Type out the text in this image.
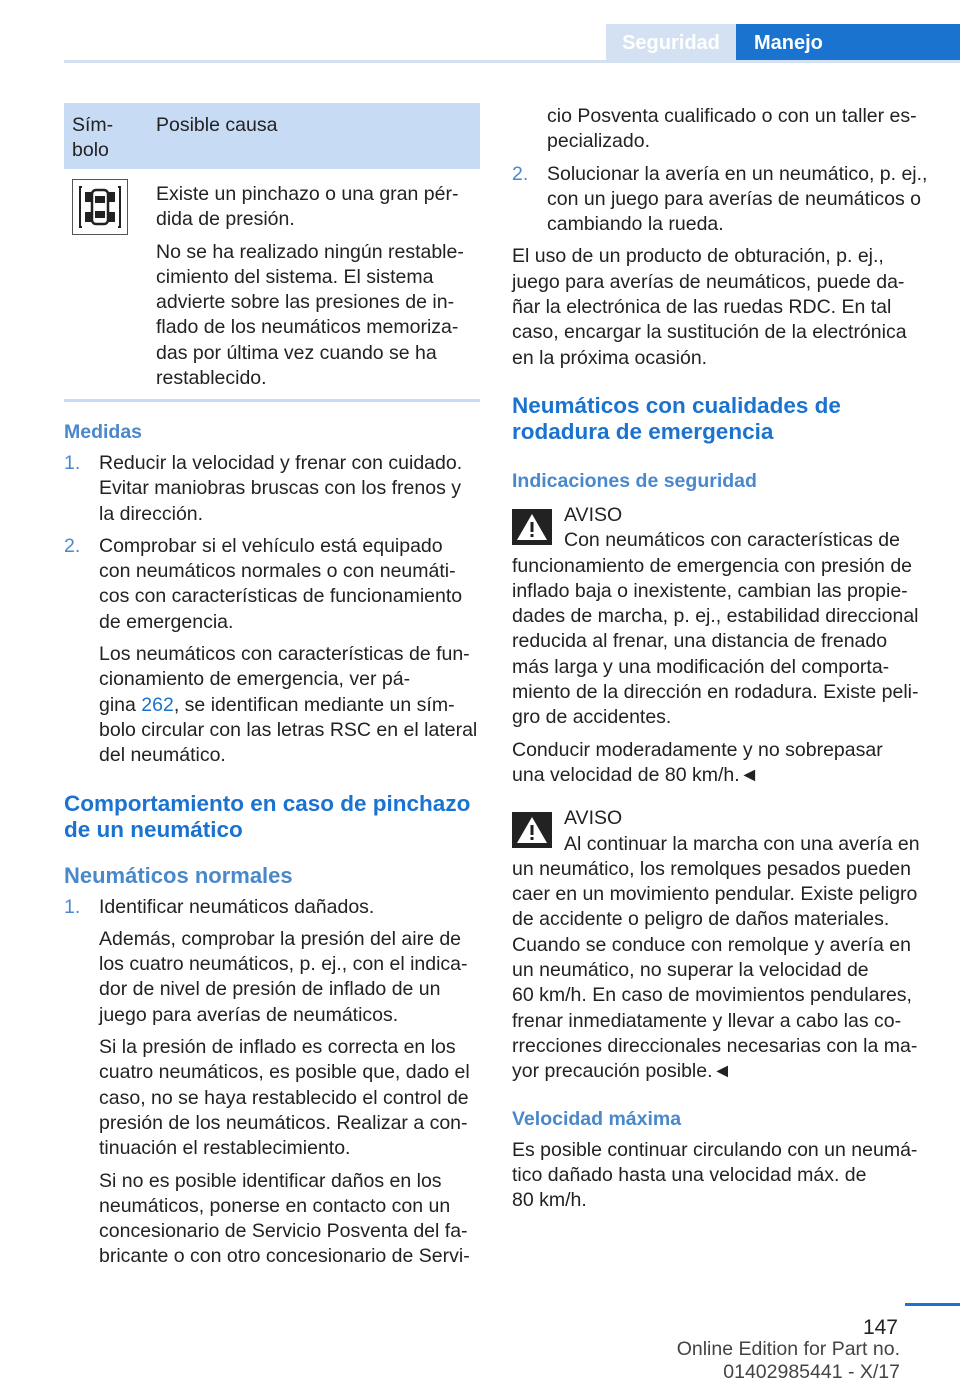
Seguridad	Manejo
Sím-
bolo
Posible causa

Existe un pinchazo o una gran pér-
dida de presión.

No se ha realizado ningún restable-
cimiento del sistema. El sistema
advierte sobre las presiones de in-
flado de los neumáticos memoriza-
das por última vez cuando se ha
restablecido.

Medidas
1. Reducir la velocidad y frenar con cuidado.
Evitar maniobras bruscas con los frenos y
la dirección.

2. Comprobar si el vehículo está equipado
con neumáticos normales o con neumáti-
cos con características de funcionamiento
de emergencia.

Los neumáticos con características de fun-
cionamiento de emergencia, ver pá-
gina 262, se identifican mediante un sím-
bolo circular con las letras RSC en el lateral
del neumático.

Comportamiento en caso de pinchazo
de un neumático
Neumáticos normales
1. Identificar neumáticos dañados.

Además, comprobar la presión del aire de
los cuatro neumáticos, p. ej., con el indica-
dor de nivel de presión de inflado de un
juego para averías de neumáticos.

Si la presión de inflado es correcta en los
cuatro neumáticos, es posible que, dado el
caso, no se haya restablecido el control de
presión de los neumáticos. Realizar a con-
tinuación el restablecimiento.

Si no es posible identificar daños en los
neumáticos, ponerse en contacto con un
concesionario de Servicio Posventa del fa-
bricante o con otro concesionario de Servi-

cio Posventa cualificado o con un taller es-
pecializado.

2. Solucionar la avería en un neumático, p. ej.,
con un juego para averías de neumáticos o
cambiando la rueda.

El uso de un producto de obturación, p. ej.,
juego para averías de neumáticos, puede da-
ñar la electrónica de las ruedas RDC. En tal
caso, encargar la sustitución de la electrónica
en la próxima ocasión.

Neumáticos con cualidades de
rodadura de emergencia
Indicaciones de seguridad

AVISO

Con neumáticos con características de

funcionamiento de emergencia con presión de
inflado baja o inexistente, cambian las propie-
dades de marcha, p. ej., estabilidad direccional
reducida al frenar, una distancia de frenado
más larga y una modificación del comporta-
miento de la dirección en rodadura. Existe peli-
gro de accidentes.

Conducir moderadamente y no sobrepasar
una velocidad de 80 km/h.◄

AVISO

Al continuar la marcha con una avería en

un neumático, los remolques pesados pueden
caer en un movimiento pendular. Existe peligro
de accidente o peligro de daños materiales.
Cuando se conduce con remolque y avería en
un neumático, no superar la velocidad de
60 km/h. En caso de movimientos pendulares,
frenar inmediatamente y llevar a cabo las co-
rrecciones direccionales necesarias con la ma-
yor precaución posible.◄

Velocidad máxima

Es posible continuar circulando con un neumá-
tico dañado hasta una velocidad máx. de
80 km/h.

147
Online Edition for Part no. 01402985441 - X/17
